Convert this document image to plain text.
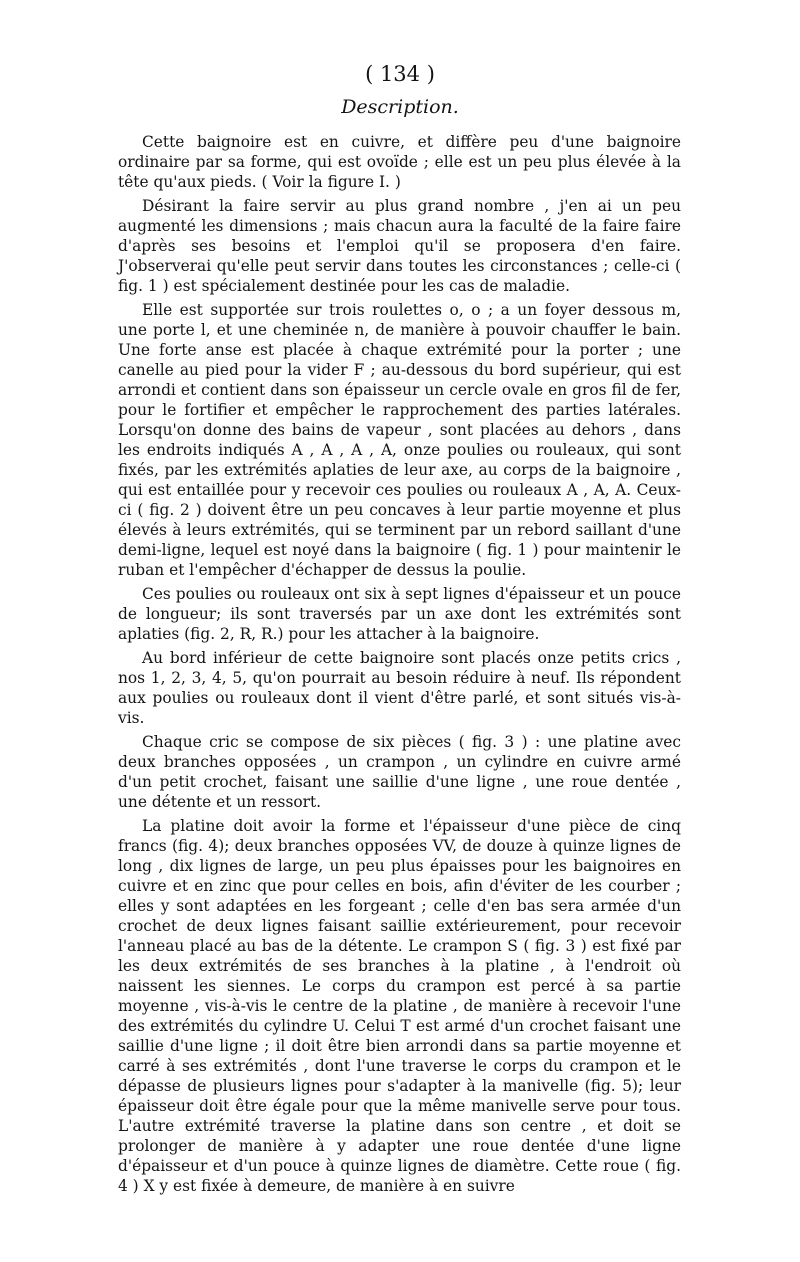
( 134 )
Description.

Cette baignoire est en cuivre, et diffère peu d'une baignoire ordinaire par sa forme, qui est ovoïde ; elle est un peu plus élevée à la tête qu'aux pieds. ( Voir la figure I. )

Désirant la faire servir au plus grand nombre , j'en ai un peu augmenté les dimensions ; mais chacun aura la faculté de la faire faire d'après ses besoins et l'emploi qu'il se proposera d'en faire. J'observerai qu'elle peut servir dans toutes les circonstances ; celle-ci ( fig. 1 ) est spécialement destinée pour les cas de maladie.

Elle est supportée sur trois roulettes o, o ; a un foyer dessous m, une porte l, et une cheminée n, de manière à pouvoir chauffer le bain. Une forte anse est placée à chaque extrémité pour la porter ; une canelle au pied pour la vider F ; au-dessous du bord supérieur, qui est arrondi et contient dans son épaisseur un cercle ovale en gros fil de fer, pour le fortifier et empêcher le rapprochement des parties latérales. Lorsqu'on donne des bains de vapeur , sont placées au dehors , dans les endroits indiqués A , A , A , A, onze poulies ou rouleaux, qui sont fixés, par les extrémités aplaties de leur axe, au corps de la baignoire , qui est entaillée pour y recevoir ces poulies ou rouleaux A , A, A. Ceux-ci ( fig. 2 ) doivent être un peu concaves à leur partie moyenne et plus élevés à leurs extrémités, qui se terminent par un rebord saillant d'une demi-ligne, lequel est noyé dans la baignoire ( fig. 1 ) pour maintenir le ruban et l'empêcher d'échapper de dessus la poulie.

Ces poulies ou rouleaux ont six à sept lignes d'épaisseur et un pouce de longueur; ils sont traversés par un axe dont les extrémités sont aplaties (fig. 2, R, R.) pour les attacher à la baignoire.

Au bord inférieur de cette baignoire sont placés onze petits crics , nos 1, 2, 3, 4, 5, qu'on pourrait au besoin réduire à neuf. Ils répondent aux poulies ou rouleaux dont il vient d'être parlé, et sont situés vis-à-vis.

Chaque cric se compose de six pièces ( fig. 3 ) : une platine avec deux branches opposées , un crampon , un cylindre en cuivre armé d'un petit crochet, faisant une saillie d'une ligne , une roue dentée , une détente et un ressort.

La platine doit avoir la forme et l'épaisseur d'une pièce de cinq francs (fig. 4); deux branches opposées VV, de douze à quinze lignes de long , dix lignes de large, un peu plus épaisses pour les baignoires en cuivre et en zinc que pour celles en bois, afin d'éviter de les courber ; elles y sont adaptées en les forgeant ; celle d'en bas sera armée d'un crochet de deux lignes faisant saillie extérieurement, pour recevoir l'anneau placé au bas de la détente. Le crampon S ( fig. 3 ) est fixé par les deux extrémités de ses branches à la platine , à l'endroit où naissent les siennes. Le corps du crampon est percé à sa partie moyenne , vis-à-vis le centre de la platine , de manière à recevoir l'une des extrémités du cylindre U. Celui T est armé d'un crochet faisant une saillie d'une ligne ; il doit être bien arrondi dans sa partie moyenne et carré à ses extrémités , dont l'une traverse le corps du crampon et le dépasse de plusieurs lignes pour s'adapter à la manivelle (fig. 5); leur épaisseur doit être égale pour que la même manivelle serve pour tous. L'autre extrémité traverse la platine dans son centre , et doit se prolonger de manière à y adapter une roue dentée d'une ligne d'épaisseur et d'un pouce à quinze lignes de diamètre. Cette roue ( fig. 4 ) X y est fixée à demeure, de manière à en suivre
